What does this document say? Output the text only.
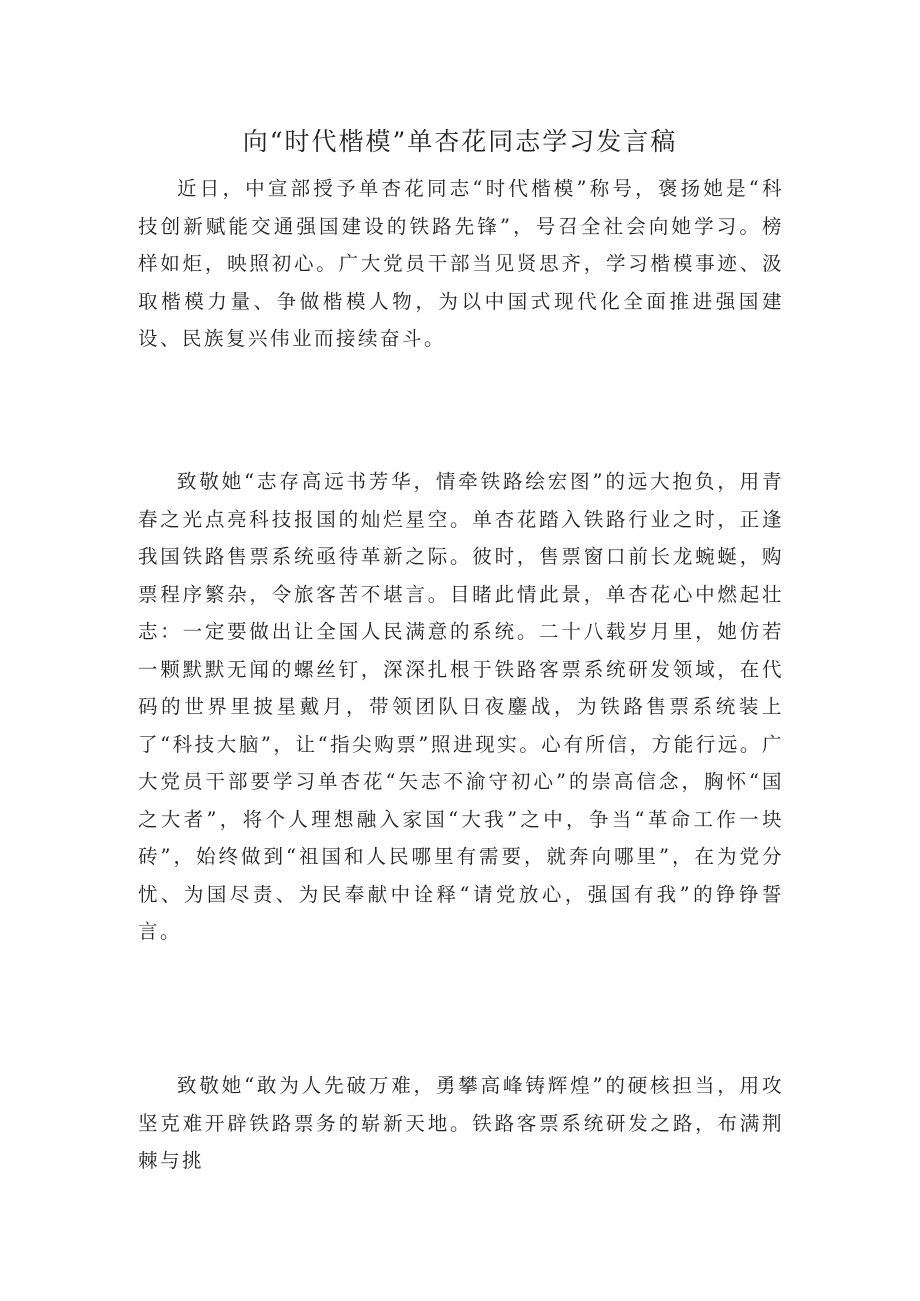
向“时代楷模”单杏花同志学习发言稿

近日，中宣部授予单杏花同志“时代楷模”称号，褒扬她是“科技创新赋能交通强国建设的铁路先锋”，号召全社会向她学习。榜样如炬，映照初心。广大党员干部当见贤思齐，学习楷模事迹、汲取楷模力量、争做楷模人物，为以中国式现代化全面推进强国建设、民族复兴伟业而接续奋斗。

致敬她“志存高远书芳华，情牵铁路绘宏图”的远大抱负，用青春之光点亮科技报国的灿烂星空。单杏花踏入铁路行业之时，正逢我国铁路售票系统亟待革新之际。彼时，售票窗口前长龙蜿蜒，购票程序繁杂，令旅客苦不堪言。目睹此情此景，单杏花心中燃起壮志：一定要做出让全国人民满意的系统。二十八载岁月里，她仿若一颗默默无闻的螺丝钉，深深扎根于铁路客票系统研发领域，在代码的世界里披星戴月，带领团队日夜鏖战，为铁路售票系统装上了“科技大脑”，让“指尖购票”照进现实。心有所信，方能行远。广大党员干部要学习单杏花“矢志不渝守初心”的崇高信念，胸怀“国之大者”，将个人理想融入家国“大我”之中，争当“革命工作一块砖”，始终做到“祖国和人民哪里有需要，就奔向哪里”，在为党分忧、为国尽责、为民奉献中诠释“请党放心，强国有我”的铮铮誓言。

致敬她“敢为人先破万难，勇攀高峰铸辉煌”的硬核担当，用攻坚克难开辟铁路票务的崭新天地。铁路客票系统研发之路，布满荆棘与挑
